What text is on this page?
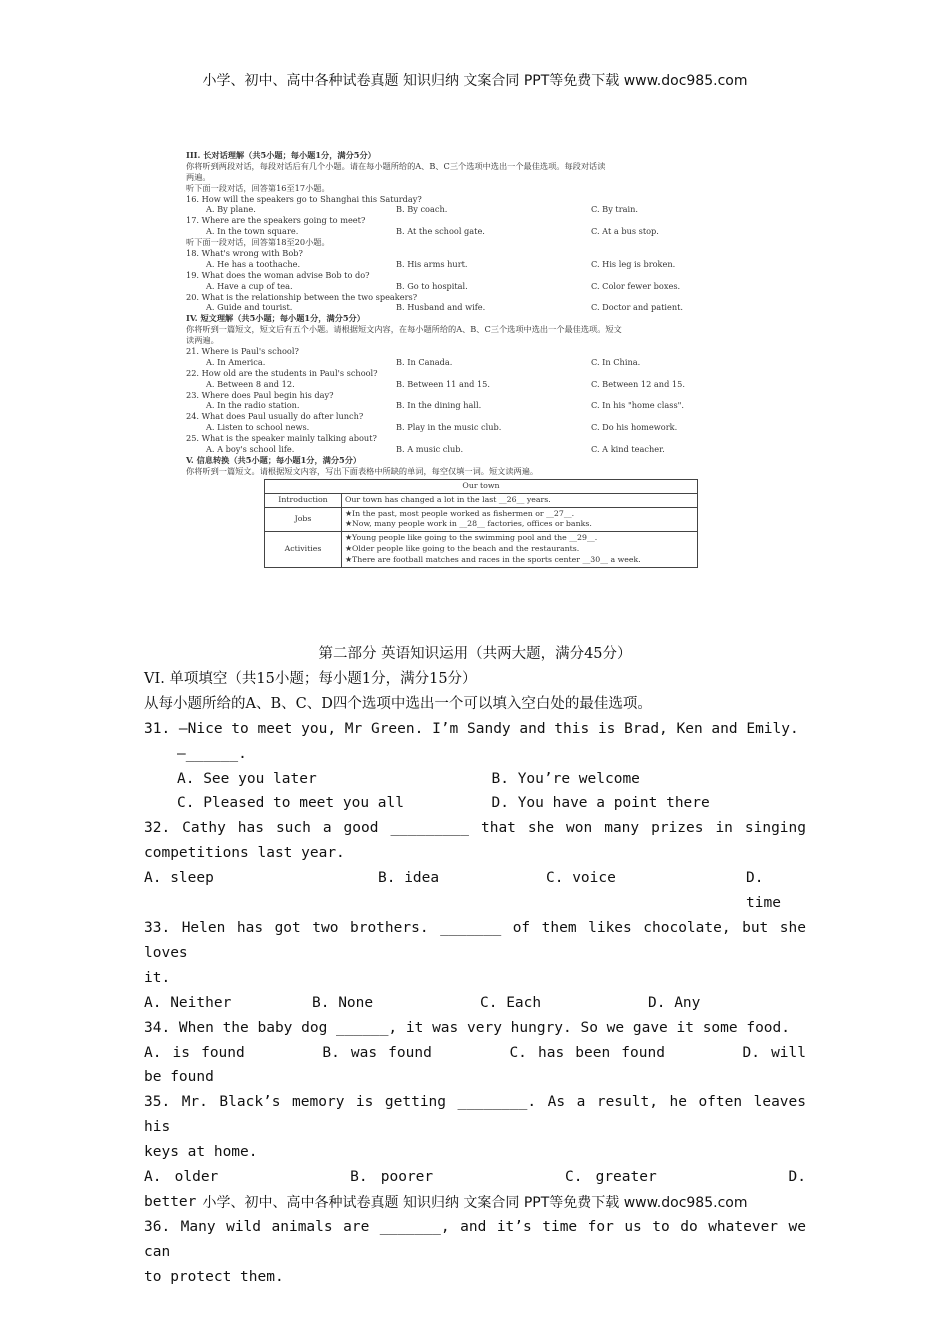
小学、初中、高中各种试卷真题 知识归纳 文案合同 PPT等免费下载 www.doc985.com
III. 长对话理解（共5小题；每小题1分，满分5分）
你将听到两段对话，每段对话后有几个小题。请在每小题所给的A、B、C三个选项中选出一个最佳选项。每段对话读
两遍。
听下面一段对话，回答第16至17小题。
16. How will the speakers go to Shanghai this Saturday?
A. By plane.	B. By coach.	C. By train.
17. Where are the speakers going to meet?
A. In the town square.	B. At the school gate.	C. At a bus stop.
听下面一段对话，回答第18至20小题。
18. What's wrong with Bob?
A. He has a toothache.	B. His arms hurt.	C. His leg is broken.
19. What does the woman advise Bob to do?
A. Have a cup of tea.	B. Go to hospital.	C. Color fewer boxes.
20. What is the relationship between the two speakers?
A. Guide and tourist.	B. Husband and wife.	C. Doctor and patient.
IV. 短文理解（共5小题；每小题1分，满分5分）
你将听到一篇短文，短文后有五个小题。请根据短文内容，在每小题所给的A、B、C三个选项中选出一个最佳选项。短文
读两遍。
21. Where is Paul's school?
A. In America.	B. In Canada.	C. In China.
22. How old are the students in Paul's school?
A. Between 8 and 12.	B. Between 11 and 15.	C. Between 12 and 15.
23. Where does Paul begin his day?
A. In the radio station.	B. In the dining hall.	C. In his "home class".
24. What does Paul usually do after lunch?
A. Listen to school news.	B. Play in the music club.	C. Do his homework.
25. What is the speaker mainly talking about?
A. A boy's school life.	B. A music club.	C. A kind teacher.
V. 信息转换（共5小题；每小题1分，满分5分）
你将听到一篇短文。请根据短文内容，写出下面表格中所缺的单词，每空仅填一词。短文读两遍。
Our town	
Introduction	Our town has changed a lot in the last __26__ years.
Jobs	★In the past, most people worked as fishermen or __27__.
★Now, many people work in __28__ factories, offices or banks.

Activities	★Young people like going to the swimming pool and the __29__.
★Older people like going to the beach and the restaurants.
★There are football matches and races in the sports center __30__ a week.

第二部分 英语知识运用（共两大题，满分45分）

VI. 单项填空（共15小题；每小题1分，满分15分）

从每小题所给的A、B、C、D四个选项中选出一个可以填入空白处的最佳选项。

31. —Nice to meet you, Mr Green. I’m Sandy and this is Brad, Ken and Emily.

—______.

A. See you later	B. You’re welcome
C. Pleased to meet you all	D. You have a point there

32. Cathy has such a good _________ that she won many prizes in singing

competitions last year.

A. sleep	B. idea	C. voice	D. time

33. Helen has got two brothers. _______ of them likes chocolate, but she loves

it.

A. Neither	B. None	C. Each	D. Any

34. When the baby dog ______, it was very hungry. So we gave it some food.

A. is found       B. was found       C. has been found       D. will

be found

35. Mr. Black’s memory is getting ________. As a result, he often leaves his

keys at home.

A. older          B. poorer          C. greater          D.

better

36. Many wild animals are _______, and it’s time for us to do whatever we can

to protect them.

小学、初中、高中各种试卷真题 知识归纳 文案合同 PPT等免费下载 www.doc985.com
